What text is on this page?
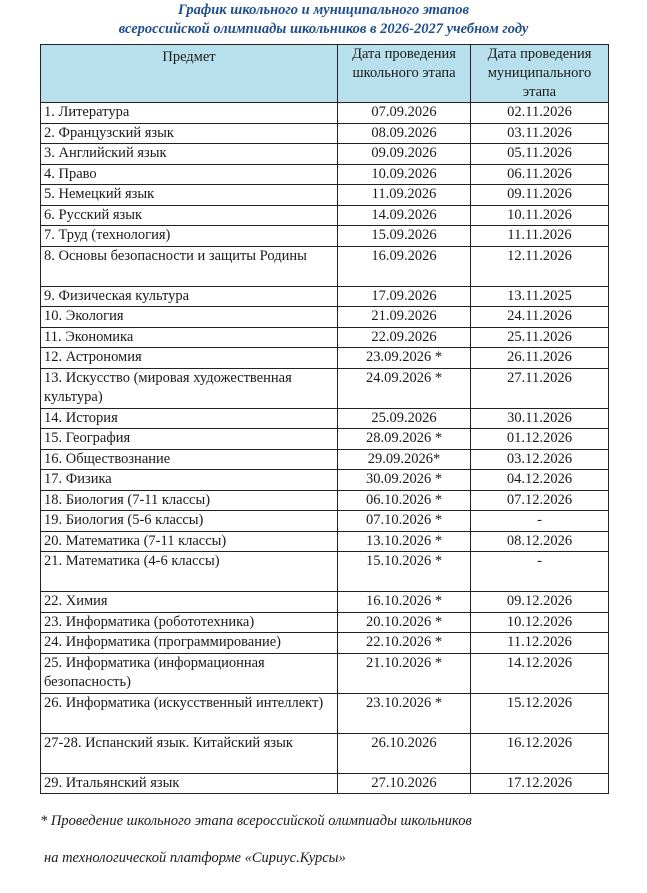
График школьного и муниципального этапов
всероссийской олимпиады школьников в 2026-2027 учебном году
Предмет	Дата проведения школьного этапа	Дата проведения муниципального этапа
1. Литература	07.09.2026	02.11.2026
2. Французский язык	08.09.2026	03.11.2026
3. Английский язык	09.09.2026	05.11.2026
4. Право	10.09.2026	06.11.2026
5. Немецкий язык	11.09.2026	09.11.2026
6. Русский язык	14.09.2026	10.11.2026
7. Труд (технология)	15.09.2026	11.11.2026
8. Основы безопасности и защиты Родины	16.09.2026	12.11.2026
9. Физическая культура	17.09.2026	13.11.2025
10. Экология	21.09.2026	24.11.2026
11. Экономика	22.09.2026	25.11.2026
12. Астрономия	23.09.2026 *	26.11.2026
13. Искусство (мировая художественная культура)	24.09.2026 *	27.11.2026
14. История	25.09.2026	30.11.2026
15. География	28.09.2026 *	01.12.2026
16. Обществознание	29.09.2026*	03.12.2026
17. Физика	30.09.2026 *	04.12.2026
18. Биология (7-11 классы)	06.10.2026 *	07.12.2026
19. Биология (5-6 классы)	07.10.2026 *	-
20. Математика (7-11 классы)	13.10.2026 *	08.12.2026
21. Математика (4-6 классы)	15.10.2026 *	-
22. Химия	16.10.2026 *	09.12.2026
23. Информатика (робототехника)	20.10.2026 *	10.12.2026
24. Информатика (программирование)	22.10.2026 *	11.12.2026
25. Информатика (информационная безопасность)	21.10.2026 *	14.12.2026
26. Информатика (искусственный интеллект)	23.10.2026 *	15.12.2026
27-28. Испанский язык. Китайский язык	26.10.2026	16.12.2026
29. Итальянский язык	27.10.2026	17.12.2026
* Проведение школьного этапа всероссийской олимпиады школьников
на технологической платформе «Сириус.Курсы»
